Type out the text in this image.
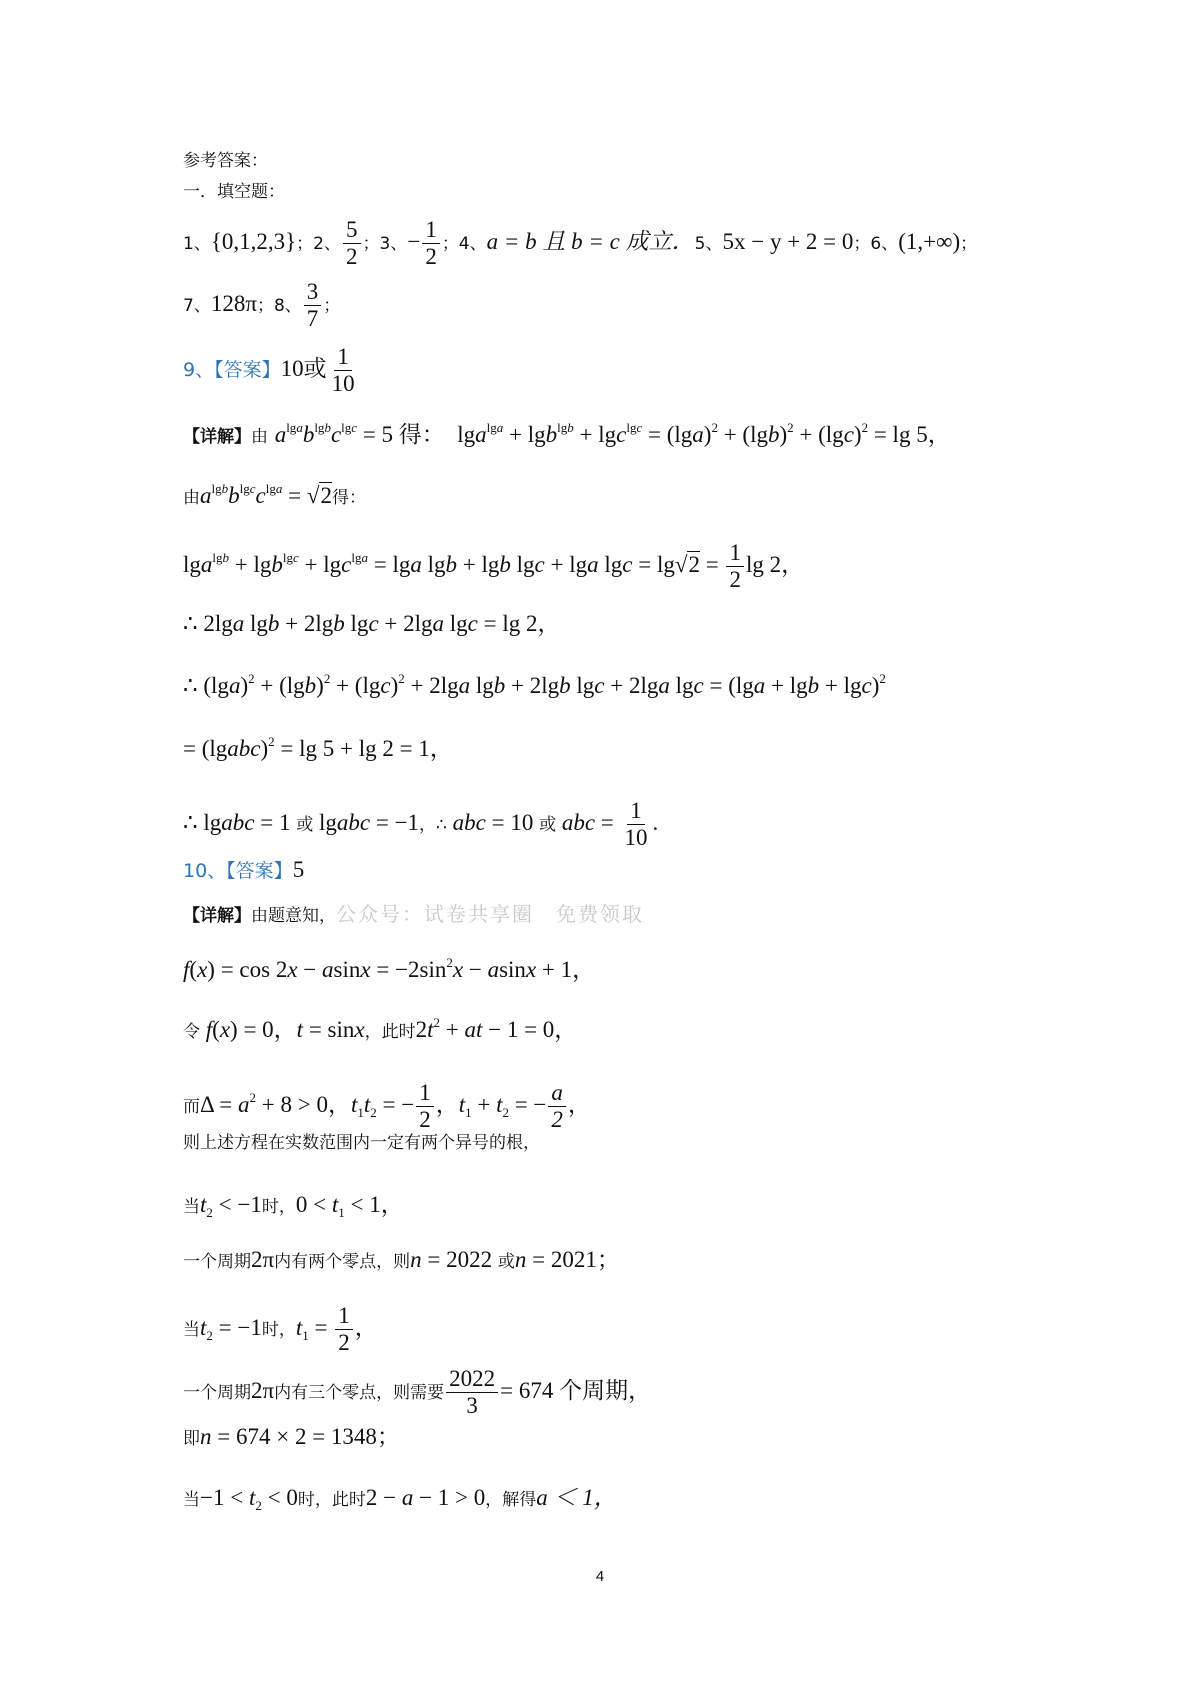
参考答案：
一．填空题：
1、{0,1,2,3}；2、 $\frac{5}{2}$ ；3、− $\frac{1}{2}$ ；4、a = b 且 b = c 成立．5、5x − y + 2 = 0；6、(1,+∞)；
7、128π；8、 $\frac{3}{7}$ ；
9、【答案】10或 $\frac{1}{10}$
【详解】由 $a^{lga}b^{lgb}c^{lgc} = 5$ 得：  $\lg a^{lga} + \lg b^{lgb} + \lg c^{lgc} = (\lg a)^2 + (\lg b)^2 + (\lg c)^2 = \lg 5$，
由$a^{lgb}b^{lgc}c^{lga} = √2$得：
lga$^{lgb}$ + lgb$^{lgc}$ + lgc$^{lga}$ = lga lgb + lgb lgc + lga $\lg c = \lg√2 = \frac{1}{2}$ lg 2，
∴ 2lga lgb + 2lgb lgc + 2lga lgc = lg 2，
∴ $(\lg a)^2 + (\lg b)^2 + (\lg c)^2 + 2\lg a$ lgb + 2lgb lgc + 2lga $\lg c = (\lg a + \lg b + \lg c)^2$
= (lgabc)$^2$ = lg 5 + lg 2 = 1，
∴ lgabc = 1 或 lgabc = −1，∴ abc = 10 或 abc = $\frac{1}{10}$ .
10、【答案】5
【详解】由题意知，公众号：试卷共享圈　免费领取
$f(x) = \cos 2x - asinx = -2\sin^2x - asinx + 1$，
令 f(x) = 0，t = sinx，此时$2t^2$ + at − 1 = 0，
而$\Delta = a^2 + 8 > 0$，$t_1t_2$ = − $\frac{1}{2}$ ，$t_1 + t_2$ = − $\frac{a}{2}$ ，
则上述方程在实数范围内一定有两个异号的根，
当$t_2 < -1$时，$0 < t_1 < 1$，
一个周期2π内有两个零点，则n = 2022 或n = 2021；
当$t_2 = -1$时，$t_1 = \frac{1}{2}$ ，
一个周期2π内有三个零点，则需要 $\frac{2022}{3} = 674$ 个周期，
即n = 674 × 2 = 1348；
当$-1 < t_2 < 0$时，此时2 − a − 1 > 0，解得a ＜ 1，
4
